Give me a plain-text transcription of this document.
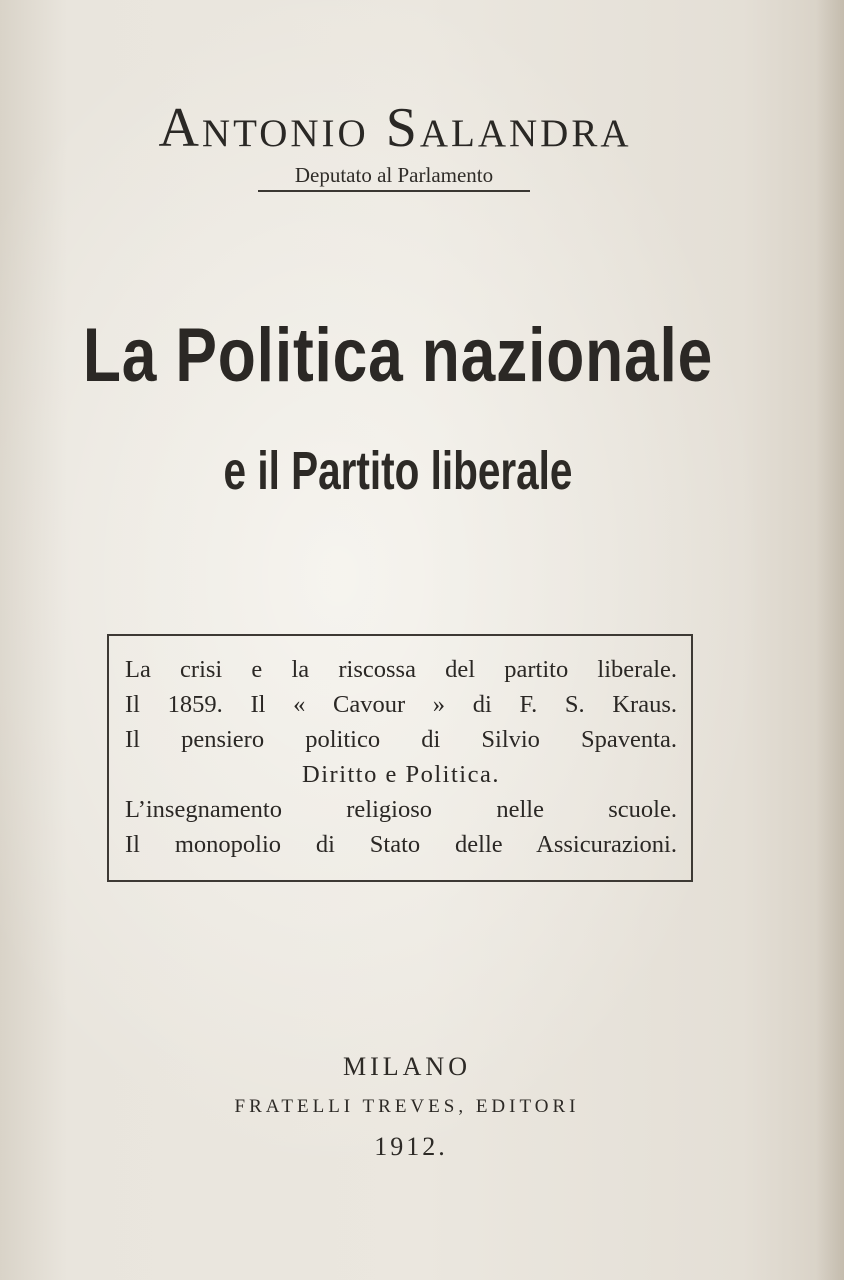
Antonio Salandra
Deputato al Parlamento
La Politica nazionale
e il Partito liberale
La crisi e la riscossa del partito liberale.
Il 1859. Il « Cavour » di F. S. Kraus.
Il pensiero politico di Silvio Spaventa.
Diritto e Politica.
L’insegnamento religioso nelle scuole.
Il monopolio di Stato delle Assicurazioni.
MILANO
FRATELLI TREVES, EDITORI
1912.
